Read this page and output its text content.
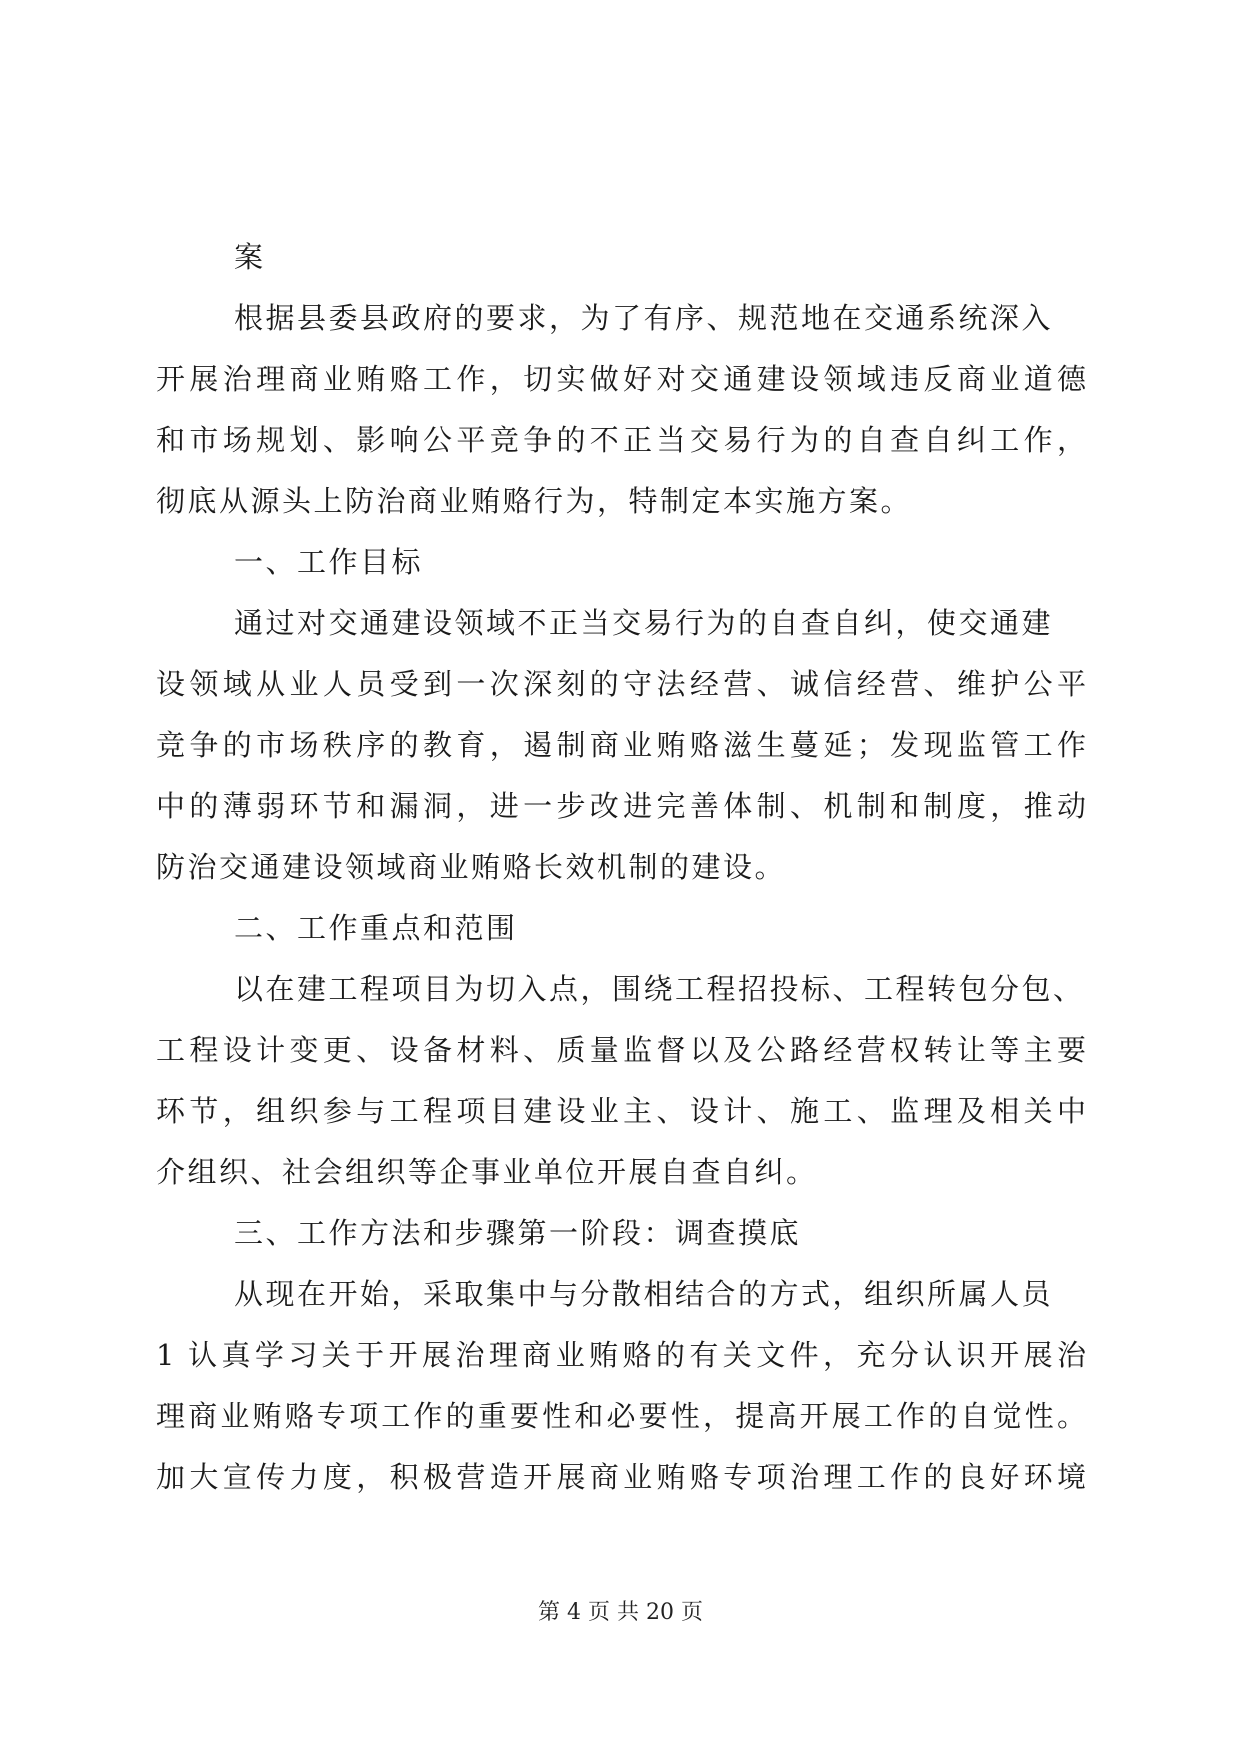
案
根据县委县政府的要求，为了有序、规范地在交通系统深入
开展治理商业贿赂工作，切实做好对交通建设领域违反商业道德
和市场规划、影响公平竞争的不正当交易行为的自查自纠工作，
彻底从源头上防治商业贿赂行为，特制定本实施方案。
一、工作目标
通过对交通建设领域不正当交易行为的自查自纠，使交通建
设领域从业人员受到一次深刻的守法经营、诚信经营、维护公平
竞争的市场秩序的教育，遏制商业贿赂滋生蔓延；发现监管工作
中的薄弱环节和漏洞，进一步改进完善体制、机制和制度，推动
防治交通建设领域商业贿赂长效机制的建设。
二、工作重点和范围
以在建工程项目为切入点，围绕工程招投标、工程转包分包、
工程设计变更、设备材料、质量监督以及公路经营权转让等主要
环节，组织参与工程项目建设业主、设计、施工、监理及相关中
介组织、社会组织等企事业单位开展自查自纠。
三、工作方法和步骤第一阶段：调查摸底
从现在开始，采取集中与分散相结合的方式，组织所属人员
1 认真学习关于开展治理商业贿赂的有关文件，充分认识开展治
理商业贿赂专项工作的重要性和必要性，提高开展工作的自觉性。
加大宣传力度，积极营造开展商业贿赂专项治理工作的良好环境
第 4 页 共 20 页
